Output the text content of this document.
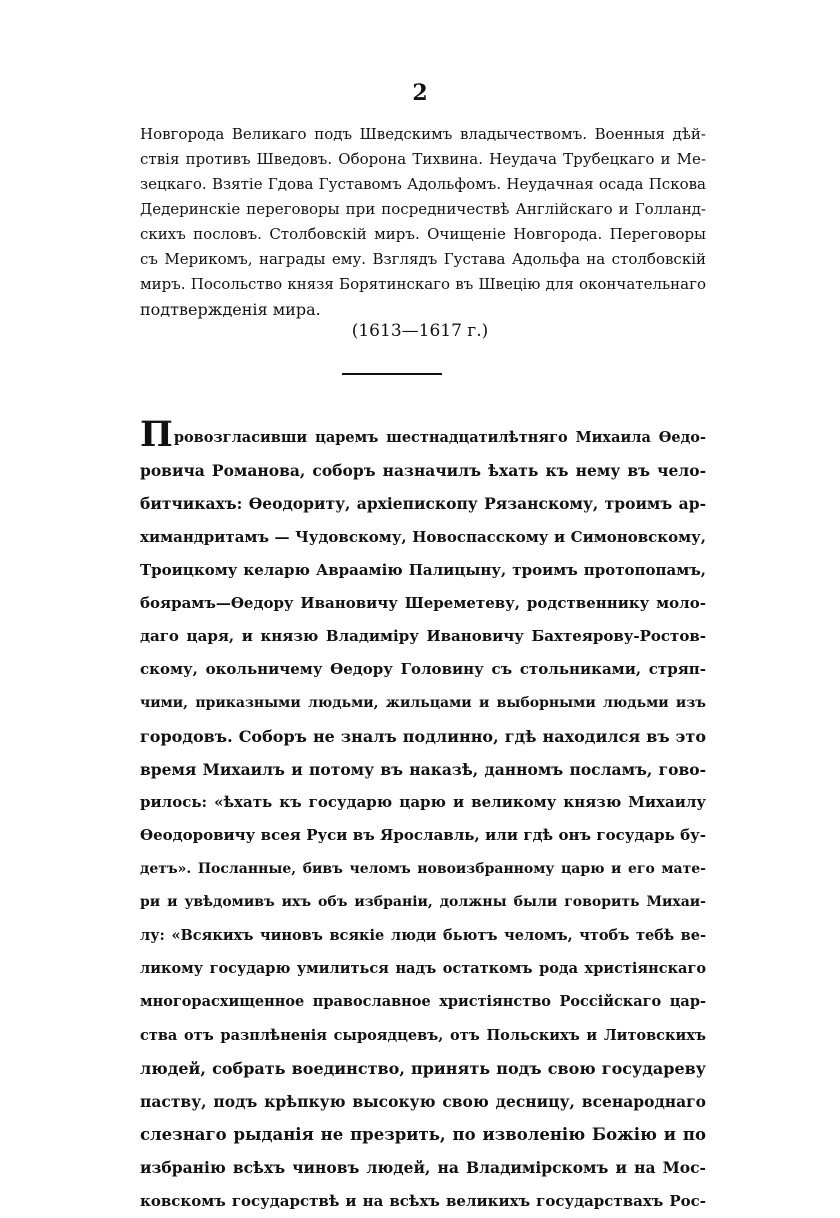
2
Новгорода Великаго подъ Шведскимъ владычествомъ. Военныя дѣй-
ствія противъ Шведовъ. Оборона Тихвина. Неудача Трубецкаго и Ме-
зецкаго. Взятіе Гдова Густавомъ Адольфомъ. Неудачная осада Пскова
Дедеринскіе переговоры при посредничествѣ Англійскаго и Голланд-
скихъ пословъ. Столбовскій миръ. Очищеніе Новгорода. Переговоры
съ Мерикомъ, награды ему. Взглядъ Густава Адольфа на столбовскій
миръ. Посольство князя Борятинскаго въ Швецію для окончательнаго
подтвержденія мира.
(1613—1617 г.)
Провозгласивши царемъ шестнадцатилѣтняго Михаила Ѳедо-
ровича Романова, соборъ назначилъ ѣхать къ нему въ чело-
битчикахъ: Ѳеодориту, архіепископу Рязанскому, троимъ ар-
химандритамъ — Чудовскому, Новоспасскому и Симоновскому,
Троицкому келарю Авраамію Палицыну, троимъ протопопамъ,
боярамъ—Ѳедору Ивановичу Шереметеву, родственнику моло-
даго царя, и князю Владиміру Ивановичу Бахтеярову-Ростов-
скому, окольничему Ѳедору Головину съ стольниками, стряп-
чими, приказными людьми, жильцами и выборными людьми изъ
городовъ. Соборъ не зналъ подлинно, гдѣ находился въ это
время Михаилъ и потому въ наказѣ, данномъ посламъ, гово-
рилось: «ѣхать къ государю царю и великому князю Михаилу
Ѳеодоровичу всея Руси въ Ярославль, или гдѣ онъ государь бу-
детъ». Посланные, бивъ челомъ новоизбранному царю и его мате-
ри и увѣдомивъ ихъ объ избраніи, должны были говорить Михаи-
лу: «Всякихъ чиновъ всякіе люди бьютъ челомъ, чтобъ тебѣ ве-
ликому государю умилиться надъ остаткомъ рода христіянскаго
многорасхищенное православное христіянство Россійскаго цар-
ства отъ разплѣненія сыроядцевъ, отъ Польскихъ и Литовскихъ
людей, собрать воединство, принять подъ свою государеву
паству, подъ крѣпкую высокую свою десницу, всенароднаго
слезнаго рыданія не презрить, по изволенію Божію и по
избранію всѣхъ чиновъ людей, на Владимірскомъ и на Мос-
ковскомъ государствѣ и на всѣхъ великихъ государствахъ Рос-
